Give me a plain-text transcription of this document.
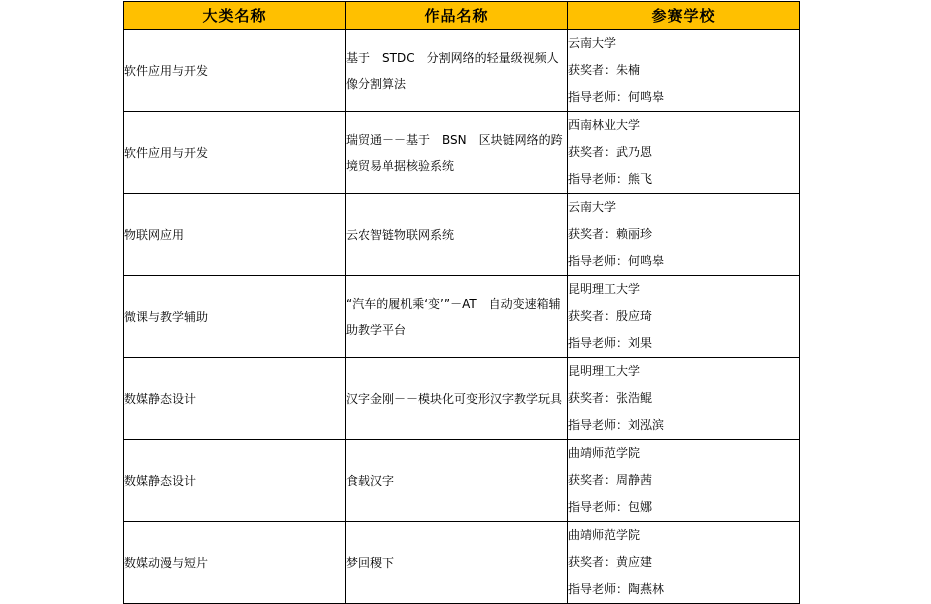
大类名称	作品名称	参赛学校
软件应用与开发	基于　STDC　分割网络的轻量级视频人像分割算法	云南大学
获奖者：朱楠
指导老师：何鸣皋

软件应用与开发	瑞贸通－－基于　BSN　区块链网络的跨境贸易单据核验系统	西南林业大学
获奖者：武乃恩
指导老师：熊飞

物联网应用	云农智链物联网系统	云南大学
获奖者：赖丽珍
指导老师：何鸣皋

微课与教学辅助	“汽车的履机乘‘变’”－AT　自动变速箱辅助教学平台	昆明理工大学
获奖者：殷应琦
指导老师：刘果

数媒静态设计	汉字金刚－－模块化可变形汉字教学玩具	昆明理工大学
获奖者：张浩鲲
指导老师：刘泓滨

数媒静态设计	食载汉字	曲靖师范学院
获奖者：周静茜
指导老师：包娜

数媒动漫与短片	梦回稷下	曲靖师范学院
获奖者：黄应建
指导老师：陶燕林
